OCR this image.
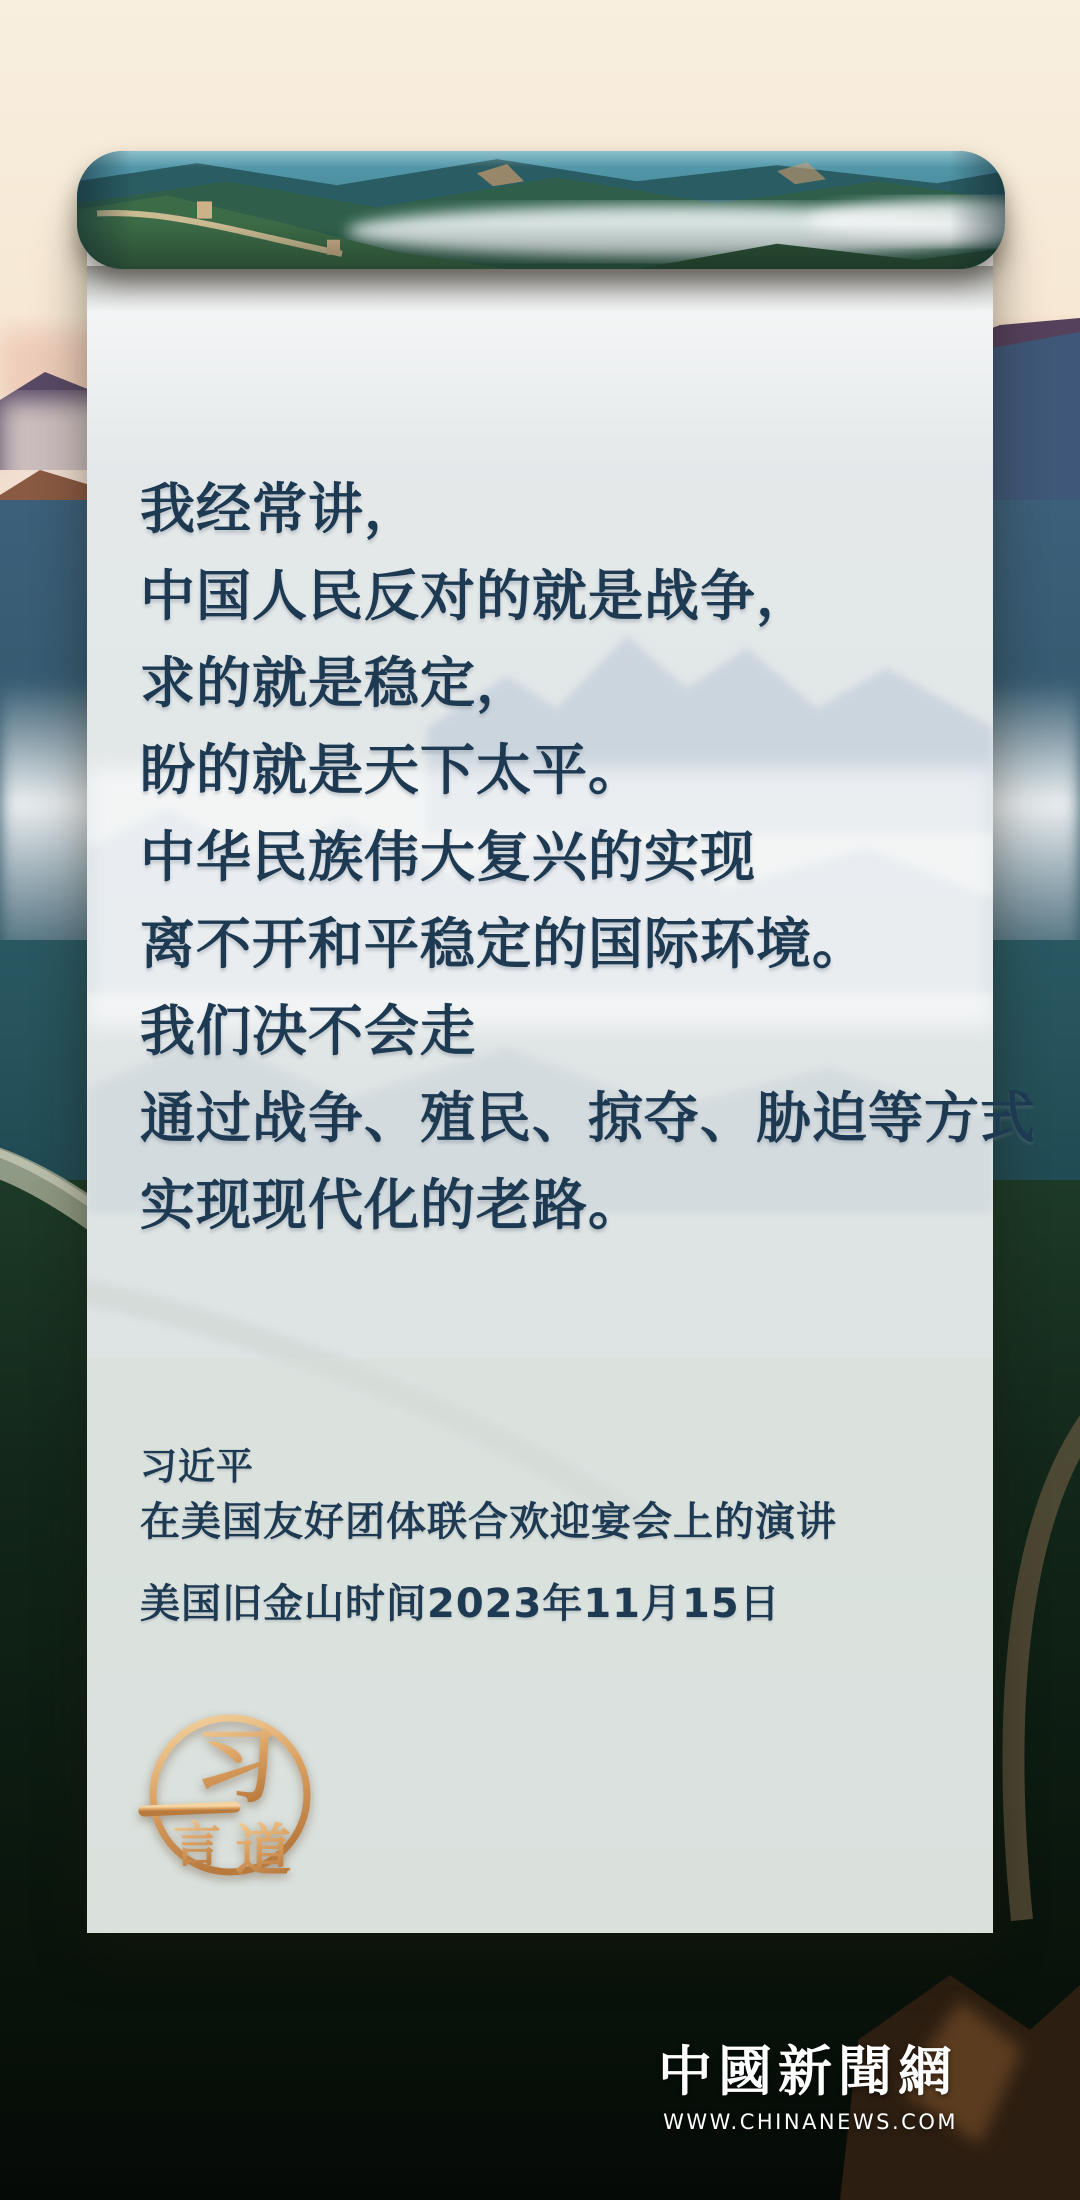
我经常讲，
中国人民反对的就是战争，
求的就是稳定，
盼的就是天下太平。
中华民族伟大复兴的实现
离不开和平稳定的国际环境。
我们决不会走
通过战争、殖民、掠夺、胁迫等方式
实现现代化的老路。
习近平
在美国友好团体联合欢迎宴会上的演讲
美国旧金山时间2023年11月15日
习
言 道
中國新聞網
WWW.CHINANEWS.COM
